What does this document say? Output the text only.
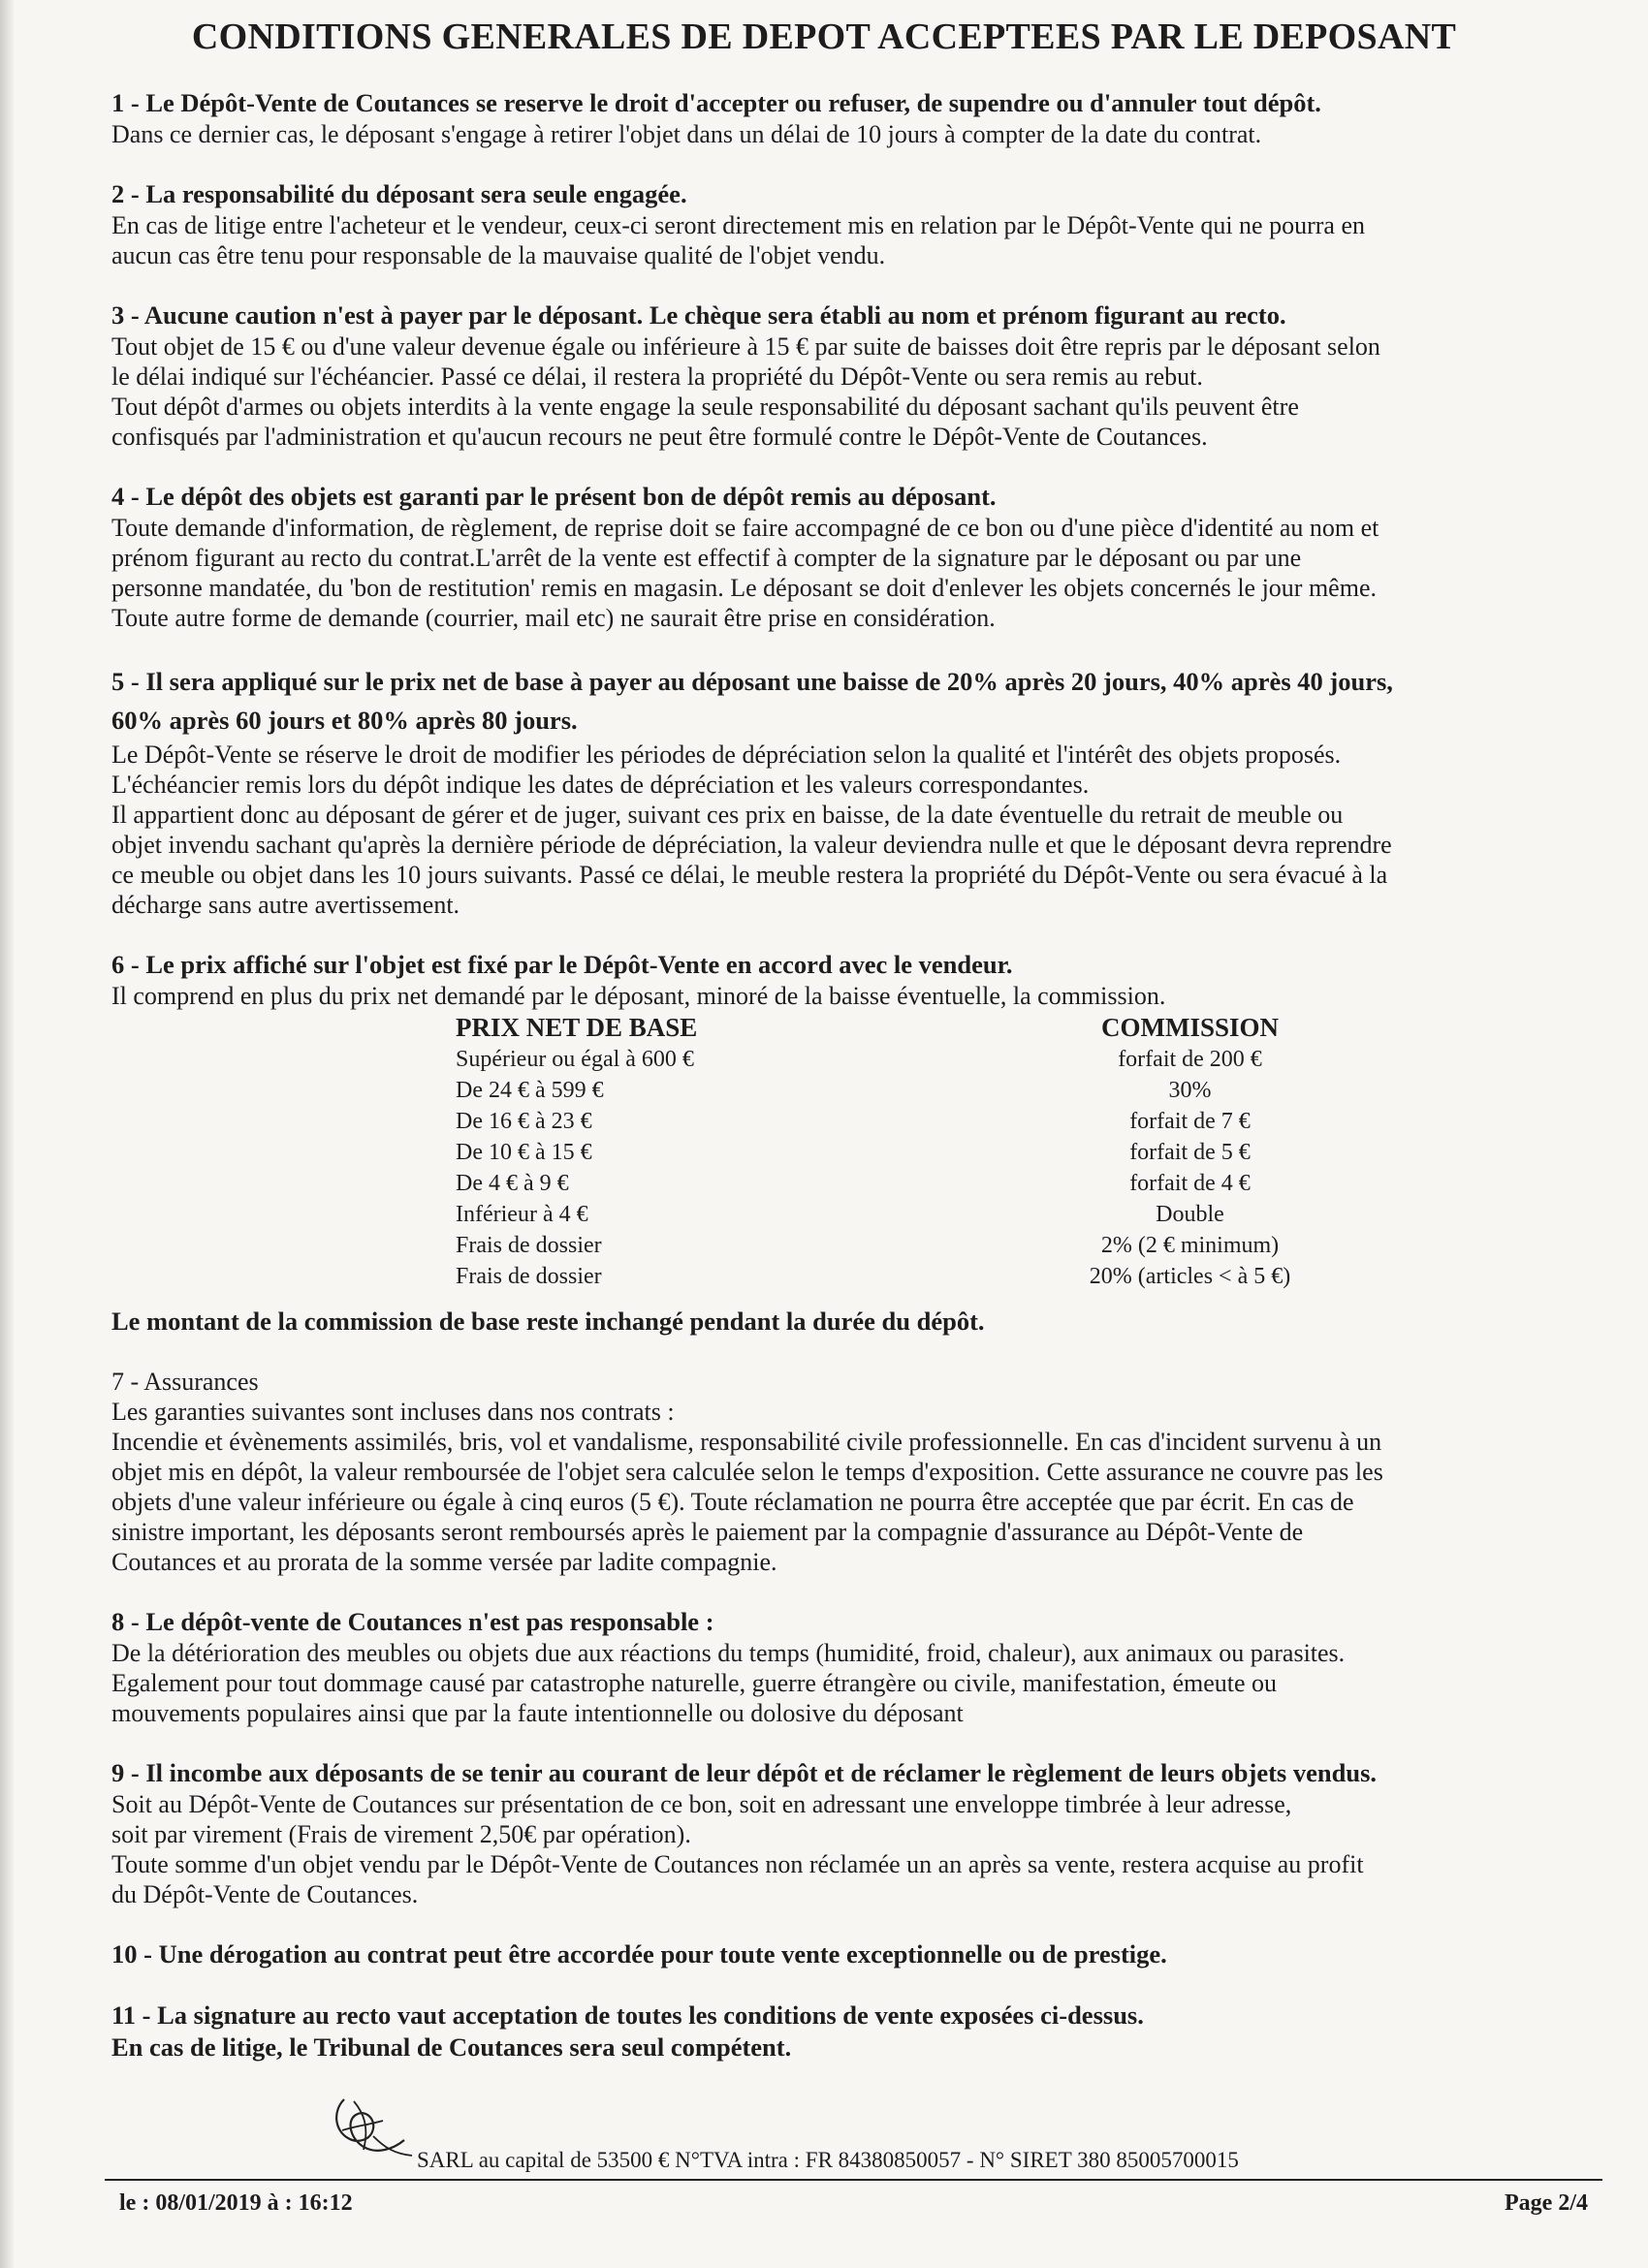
CONDITIONS GENERALES DE DEPOT ACCEPTEES PAR LE DEPOSANT

1 - Le Dépôt-Vente de Coutances se reserve le droit d'accepter ou refuser, de supendre ou d'annuler tout dépôt.

Dans ce dernier cas, le déposant s'engage à retirer l'objet dans un délai de 10 jours à compter de la date du contrat.

2 - La responsabilité du déposant sera seule engagée.

En cas de litige entre l'acheteur et le vendeur, ceux-ci seront directement mis en relation par le Dépôt-Vente qui ne pourra en

aucun cas être tenu pour responsable de la mauvaise qualité de l'objet vendu.

3 - Aucune caution n'est à payer par le déposant. Le chèque sera établi au nom et prénom figurant au recto.

Tout objet de 15 € ou d'une valeur devenue égale ou inférieure à 15 € par suite de baisses doit être repris par le déposant selon

le délai indiqué sur l'échéancier. Passé ce délai, il restera la propriété du Dépôt-Vente ou sera remis au rebut.

Tout dépôt d'armes ou objets interdits à la vente engage la seule responsabilité du déposant sachant qu'ils peuvent être

confisqués par l'administration et qu'aucun recours ne peut être formulé contre le Dépôt-Vente de Coutances.

4 - Le dépôt des objets est garanti par le présent bon de dépôt remis au déposant.

Toute demande d'information, de règlement, de reprise doit se faire accompagné de ce bon ou d'une pièce d'identité au nom et

prénom figurant au recto du contrat.L'arrêt de la vente est effectif à compter de la signature par le déposant ou par une

personne mandatée, du 'bon de restitution' remis en magasin. Le déposant se doit d'enlever les objets concernés le jour même.

Toute autre forme de demande (courrier, mail etc) ne saurait être prise en considération.

5 - Il sera appliqué sur le prix net de base à payer au déposant une baisse de 20% après 20 jours, 40% après 40 jours,

60% après 60 jours et 80% après 80 jours.

Le Dépôt-Vente se réserve le droit de modifier les périodes de dépréciation selon la qualité et l'intérêt des objets proposés.

L'échéancier remis lors du dépôt indique les dates de dépréciation et les valeurs correspondantes.

Il appartient donc au déposant de gérer et de juger, suivant ces prix en baisse, de la date éventuelle du retrait de meuble ou

objet invendu sachant qu'après la dernière période de dépréciation, la valeur deviendra nulle et que le déposant devra reprendre

ce meuble ou objet dans les 10 jours suivants. Passé ce délai, le meuble restera la propriété du Dépôt-Vente ou sera évacué à la

décharge sans autre avertissement.

6 - Le prix affiché sur l'objet est fixé par le Dépôt-Vente en accord avec le vendeur.

Il comprend en plus du prix net demandé par le déposant, minoré de la baisse éventuelle, la commission.

PRIX NET DE BASE	COMMISSION
Supérieur ou égal à 600 €	forfait de 200 €
De 24 € à 599 €	30%
De 16 € à 23 €	forfait de 7 €
De 10 € à 15 €	forfait de 5 €
De 4 € à 9 €	forfait de 4 €
Inférieur à 4 €	Double
Frais de dossier	2% (2 € minimum)
Frais de dossier	20% (articles < à 5 €)

Le montant de la commission de base reste inchangé pendant la durée du dépôt.

7 - Assurances

Les garanties suivantes sont incluses dans nos contrats :

Incendie et évènements assimilés, bris, vol et vandalisme, responsabilité civile professionnelle. En cas d'incident survenu à un

objet mis en dépôt, la valeur remboursée de l'objet sera calculée selon le temps d'exposition. Cette assurance ne couvre pas les

objets d'une valeur inférieure ou égale à cinq euros (5 €). Toute réclamation ne pourra être acceptée que par écrit. En cas de

sinistre important, les déposants seront remboursés après le paiement par la compagnie d'assurance au Dépôt-Vente de

Coutances et au prorata de la somme versée par ladite compagnie.

8 - Le dépôt-vente de Coutances n'est pas responsable :

De la détérioration des meubles ou objets due aux réactions du temps (humidité, froid, chaleur), aux animaux ou parasites.

Egalement pour tout dommage causé par catastrophe naturelle, guerre étrangère ou civile, manifestation, émeute ou

mouvements populaires ainsi que par la faute intentionnelle ou dolosive du déposant

9 - Il incombe aux déposants de se tenir au courant de leur dépôt et de réclamer le règlement de leurs objets vendus.

Soit au Dépôt-Vente de Coutances sur présentation de ce bon, soit en adressant une enveloppe timbrée à leur adresse,

soit par virement (Frais de virement 2,50€ par opération).

Toute somme d'un objet vendu par le Dépôt-Vente de Coutances non réclamée un an après sa vente, restera acquise au profit

du Dépôt-Vente de Coutances.

10 - Une dérogation au contrat peut être accordée pour toute vente exceptionnelle ou de prestige.

11 - La signature au recto vaut acceptation de toutes les conditions de vente exposées ci-dessus.

En cas de litige, le Tribunal de Coutances sera seul compétent.

SARL au capital de 53500 € N°TVA intra : FR 84380850057 - N° SIRET 380 85005700015
le : 08/01/2019 à : 16:12	Page 2/4
